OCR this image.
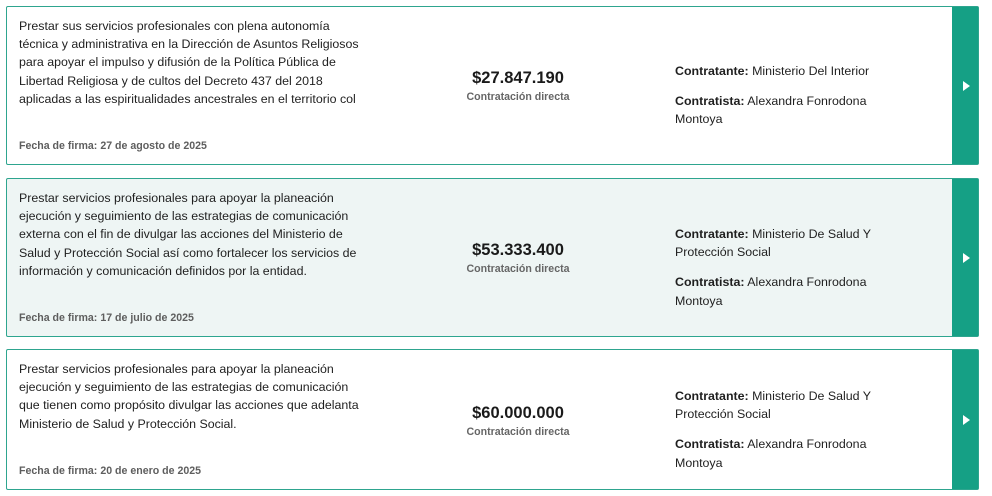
Prestar sus servicios profesionales con plena autonomía técnica y administrativa en la Dirección de Asuntos Religiosos para apoyar el impulso y difusión de la Política Pública de Libertad Religiosa y de cultos del Decreto 437 del 2018 aplicadas a las espiritualidades ancestrales en el territorio col
Fecha de firma: 27 de agosto de 2025
$27.847.190
Contratación directa
Contratante: Ministerio Del Interior
Contratista: Alexandra Fonrodona Montoya
Prestar servicios profesionales para apoyar la planeación ejecución y seguimiento de las estrategias de comunicación externa con el fin de divulgar las acciones del Ministerio de Salud y Protección Social así como fortalecer los servicios de información y comunicación definidos por la entidad.
Fecha de firma: 17 de julio de 2025
$53.333.400
Contratación directa
Contratante: Ministerio De Salud Y Protección Social
Contratista: Alexandra Fonrodona Montoya
Prestar servicios profesionales para apoyar la planeación ejecución y seguimiento de las estrategias de comunicación que tienen como propósito divulgar las acciones que adelanta Ministerio de Salud y Protección Social.
Fecha de firma: 20 de enero de 2025
$60.000.000
Contratación directa
Contratante: Ministerio De Salud Y Protección Social
Contratista: Alexandra Fonrodona Montoya
